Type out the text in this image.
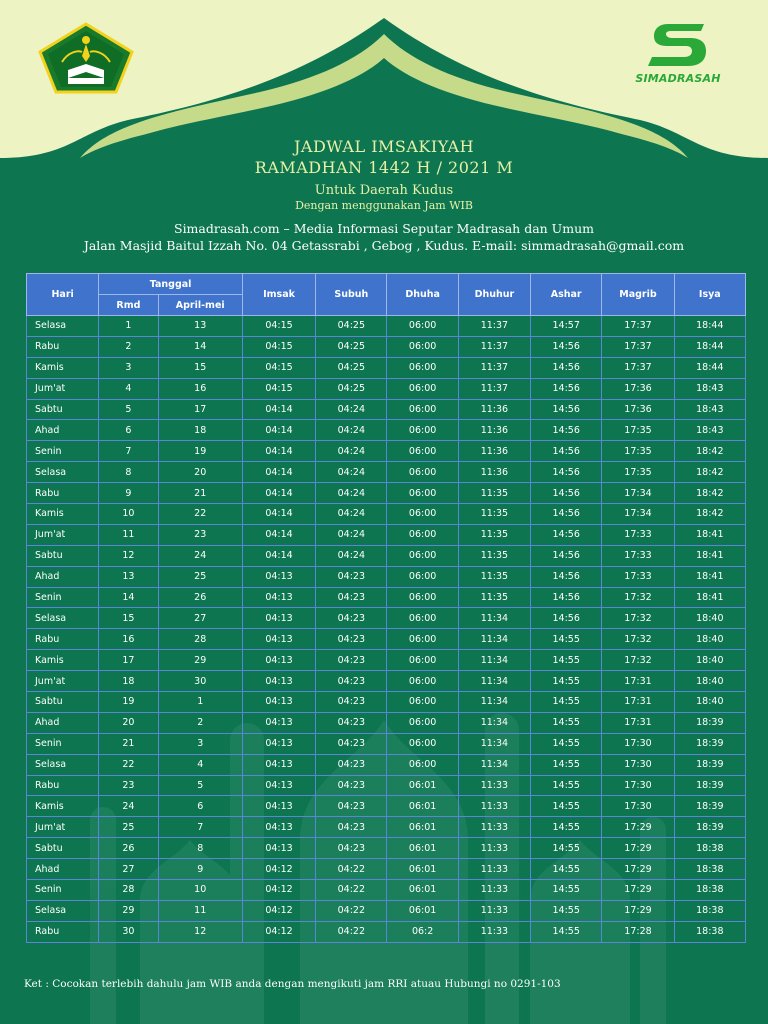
SIMADRASAH
JADWAL IMSAKIYAH
RAMADHAN 1442 H / 2021 M
Untuk Daerah Kudus
Dengan menggunakan Jam WIB
Simadrasah.com – Media Informasi Seputar Madrasah dan Umum
Jalan Masjid Baitul Izzah No. 04 Getassrabi , Gebog , Kudus. E-mail: simmadrasah@gmail.com
Hari	Tanggal		Imsak	Subuh	Dhuha	Dhuhur	Ashar	Magrib	Isya
	Rmd	April-mei							
Selasa	1	13	04:15	04:25	06:00	11:37	14:57	17:37	18:44
Rabu	2	14	04:15	04:25	06:00	11:37	14:56	17:37	18:44
Kamis	3	15	04:15	04:25	06:00	11:37	14:56	17:37	18:44
Jum'at	4	16	04:15	04:25	06:00	11:37	14:56	17:36	18:43
Sabtu	5	17	04:14	04:24	06:00	11:36	14:56	17:36	18:43
Ahad	6	18	04:14	04:24	06:00	11:36	14:56	17:35	18:43
Senin	7	19	04:14	04:24	06:00	11:36	14:56	17:35	18:42
Selasa	8	20	04:14	04:24	06:00	11:36	14:56	17:35	18:42
Rabu	9	21	04:14	04:24	06:00	11:35	14:56	17:34	18:42
Kamis	10	22	04:14	04:24	06:00	11:35	14:56	17:34	18:42
Jum'at	11	23	04:14	04:24	06:00	11:35	14:56	17:33	18:41
Sabtu	12	24	04:14	04:24	06:00	11:35	14:56	17:33	18:41
Ahad	13	25	04:13	04:23	06:00	11:35	14:56	17:33	18:41
Senin	14	26	04:13	04:23	06:00	11:35	14:56	17:32	18:41
Selasa	15	27	04:13	04:23	06:00	11:34	14:56	17:32	18:40
Rabu	16	28	04:13	04:23	06:00	11:34	14:55	17:32	18:40
Kamis	17	29	04:13	04:23	06:00	11:34	14:55	17:32	18:40
Jum'at	18	30	04:13	04:23	06:00	11:34	14:55	17:31	18:40
Sabtu	19	1	04:13	04:23	06:00	11:34	14:55	17:31	18:40
Ahad	20	2	04:13	04:23	06:00	11:34	14:55	17:31	18:39
Senin	21	3	04:13	04:23	06:00	11:34	14:55	17:30	18:39
Selasa	22	4	04:13	04:23	06:00	11:34	14:55	17:30	18:39
Rabu	23	5	04:13	04:23	06:01	11:33	14:55	17:30	18:39
Kamis	24	6	04:13	04:23	06:01	11:33	14:55	17:30	18:39
Jum'at	25	7	04:13	04:23	06:01	11:33	14:55	17:29	18:39
Sabtu	26	8	04:13	04:23	06:01	11:33	14:55	17:29	18:38
Ahad	27	9	04:12	04:22	06:01	11:33	14:55	17:29	18:38
Senin	28	10	04:12	04:22	06:01	11:33	14:55	17:29	18:38
Selasa	29	11	04:12	04:22	06:01	11:33	14:55	17:29	18:38
Rabu	30	12	04:12	04:22	06:2	11:33	14:55	17:28	18:38
Ket : Cocokan terlebih dahulu jam WIB anda dengan mengikuti jam RRI atuau Hubungi no 0291-103
